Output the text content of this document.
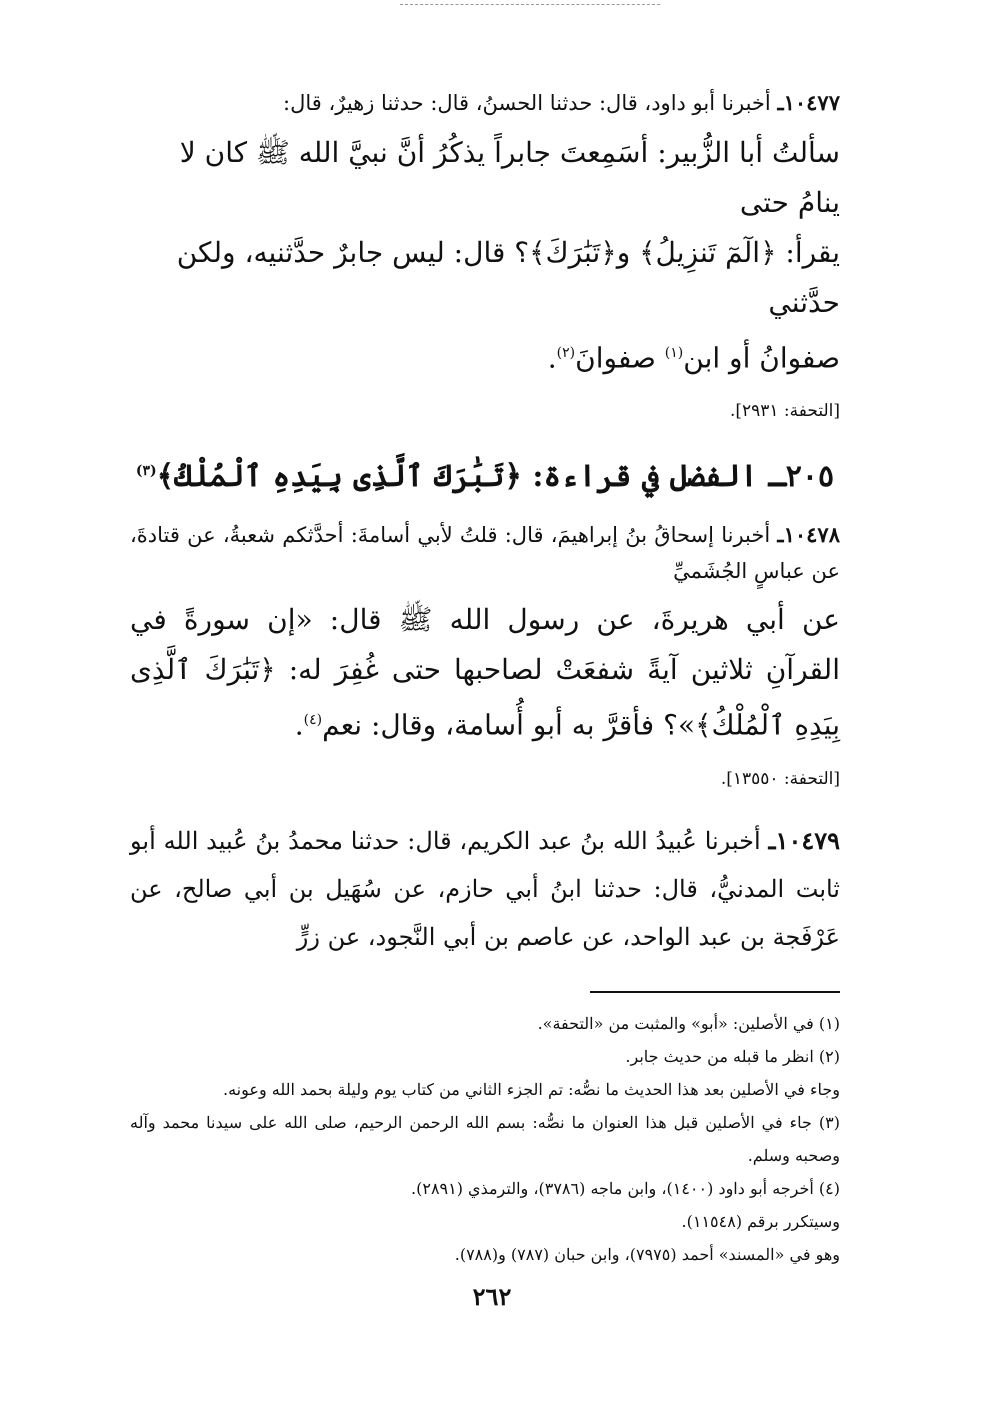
١٠٤٧٧ـ أخبرنا أبو داود، قال: حدثنا الحسنُ، قال: حدثنا زهيرٌ، قال:

سألتُ أبا الزُّبير: أسَمِعتَ جابراً يذكُرُ أنَّ نبيَّ الله ﷺ كان لا ينامُ حتى

يقرأ: ﴿الٓمٓ تَنزِيلُ﴾ و﴿تَبَٰرَكَ﴾؟ قال: ليس جابرٌ حدَّثنيه، ولكن حدَّثني

صفوانُ أو ابن$^{(١)}$ صفوانَ$^{(٢)}$.

[التحفة: ٢٩٣١].
٢٠٥ـ الفضل في قراءة: ﴿تَبَٰرَكَ ٱلَّذِى بِيَدِهِ ٱلْمُلْكُ﴾$^{(٣)}$

١٠٤٧٨ـ أخبرنا إسحاقُ بنُ إبراهيمَ، قال: قلتُ لأبي أسامةَ: أحدَّثكم شعبةُ، عن قتادةَ، عن عباسٍ الجُشَميِّ

عن أبي هريرةَ، عن رسول الله ﷺ قال: «إن سورةً في القرآنِ ثلاثين آيةً شفعَتْ لصاحبها حتى غُفِرَ له: ﴿تَبَٰرَكَ ٱلَّذِى بِيَدِهِ ٱلْمُلْكُ﴾»؟ فأقرَّ به أبو أُسامة، وقال: نعم$^{(٤)}$.

[التحفة: ١٣٥٥٠].

١٠٤٧٩ـ أخبرنا عُبيدُ الله بنُ عبد الكريم، قال: حدثنا محمدُ بنُ عُبيد الله أبو ثابت المدنيُّ، قال: حدثنا ابنُ أبي حازم، عن سُهَيل بن أبي صالح، عن عَرْفَجة بن عبد الواحد، عن عاصم بن أبي النَّجود، عن زرٍّ

(١) في الأصلين: «أبو» والمثبت من «التحفة».

(٢) انظر ما قبله من حديث جابر.

وجاء في الأصلين بعد هذا الحديث ما نصُّه: تم الجزء الثاني من كتاب يوم وليلة بحمد الله وعونه.

(٣) جاء في الأصلين قبل هذا العنوان ما نصُّه: بسم الله الرحمن الرحيم، صلى الله على سيدنا محمد وآله وصحبه وسلم.

(٤) أخرجه أبو داود (١٤٠٠)، وابن ماجه (٣٧٨٦)، والترمذي (٢٨٩١).

وسيتكرر برقم (١١٥٤٨).

وهو في «المسند» أحمد (٧٩٧٥)، وابن حبان (٧٨٧) و(٧٨٨).

٢٦٢
